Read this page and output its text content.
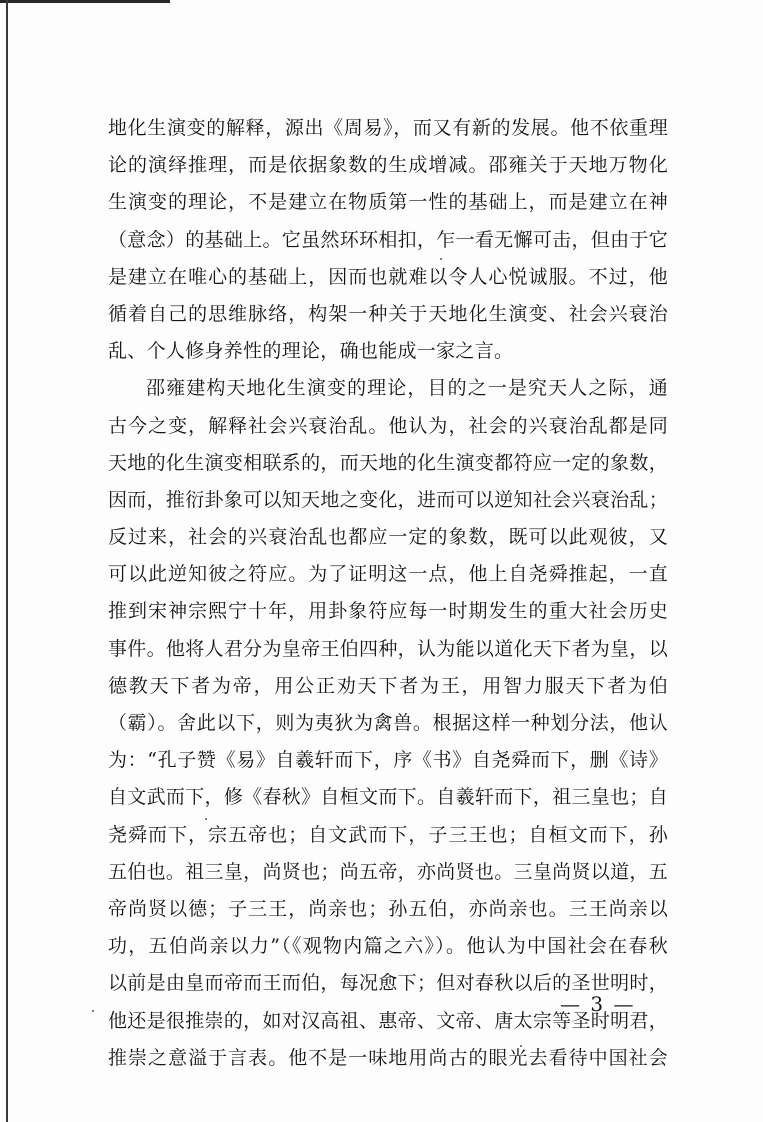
地化生演变的解释，源出《周易》，而又有新的发展。他不依重理
论的演绎推理，而是依据象数的生成增减。邵雍关于天地万物化
生演变的理论，不是建立在物质第一性的基础上，而是建立在神
（意念）的基础上。它虽然环环相扣，乍一看无懈可击，但由于它
是建立在唯心的基础上，因而也就难以令人心悦诚服。不过，他
循着自己的思维脉络，构架一种关于天地化生演变、社会兴衰治
乱、个人修身养性的理论，确也能成一家之言。
邵雍建构天地化生演变的理论，目的之一是究天人之际，通
古今之变，解释社会兴衰治乱。他认为，社会的兴衰治乱都是同
天地的化生演变相联系的，而天地的化生演变都符应一定的象数，
因而，推衍卦象可以知天地之变化，进而可以逆知社会兴衰治乱；
反过来，社会的兴衰治乱也都应一定的象数，既可以此观彼，又
可以此逆知彼之符应。为了证明这一点，他上自尧舜推起，一直
推到宋神宗熙宁十年，用卦象符应每一时期发生的重大社会历史
事件。他将人君分为皇帝王伯四种，认为能以道化天下者为皇，以
德教天下者为帝，用公正劝天下者为王，用智力服天下者为伯
（霸）。舍此以下，则为夷狄为禽兽。根据这样一种划分法，他认
为：“孔子赞《易》自羲轩而下，序《书》自尧舜而下，删《诗》
自文武而下，修《春秋》自桓文而下。自羲轩而下，祖三皇也；自
尧舜而下，宗五帝也；自文武而下，子三王也；自桓文而下，孙
五伯也。祖三皇，尚贤也；尚五帝，亦尚贤也。三皇尚贤以道，五
帝尚贤以德；子三王，尚亲也；孙五伯，亦尚亲也。三王尚亲以
功，五伯尚亲以力”（《观物内篇之六》）。他认为中国社会在春秋
以前是由皇而帝而王而伯，每况愈下；但对春秋以后的圣世明时，
他还是很推崇的，如对汉高祖、惠帝、文帝、唐太宗等圣时明君，
推崇之意溢于言表。他不是一味地用尚古的眼光去看待中国社会
— 3 —
